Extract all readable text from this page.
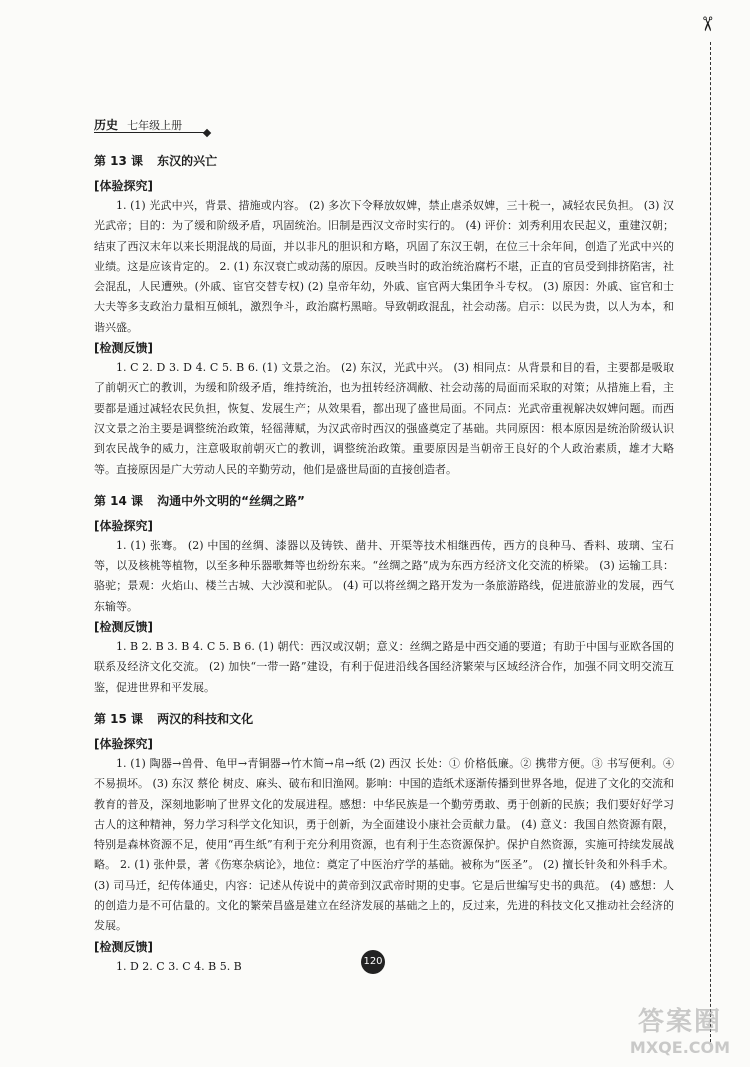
✂
历史 七年级上册
第 13 课 东汉的兴亡
[体验探究]

1. (1) 光武中兴，背景、措施或内容。 (2) 多次下令释放奴婢，禁止虐杀奴婢，三十税一，减轻农民负担。 (3) 汉光武帝；目的：为了缓和阶级矛盾，巩固统治。旧制是西汉文帝时实行的。 (4) 评价：刘秀利用农民起义，重建汉朝；结束了西汉末年以来长期混战的局面，并以非凡的胆识和方略，巩固了东汉王朝，在位三十余年间，创造了光武中兴的业绩。这是应该肯定的。 2. (1) 东汉衰亡或动荡的原因。反映当时的政治统治腐朽不堪，正直的官员受到排挤陷害，社会混乱，人民遭殃。(外戚、宦官交替专权) (2) 皇帝年幼，外戚、宦官两大集团争斗专权。 (3) 原因：外戚、宦官和士大夫等多支政治力量相互倾轧，激烈争斗，政治腐朽黑暗。导致朝政混乱，社会动荡。启示：以民为贵，以人为本，和谐兴盛。

[检测反馈]

1. C 2. D 3. D 4. C 5. B 6. (1) 文景之治。 (2) 东汉，光武中兴。 (3) 相同点：从背景和目的看，主要都是吸取了前朝灭亡的教训，为缓和阶级矛盾，维持统治，也为扭转经济凋敝、社会动荡的局面而采取的对策；从措施上看，主要都是通过减轻农民负担，恢复、发展生产；从效果看，都出现了盛世局面。不同点：光武帝重视解决奴婢问题。而西汉文景之治主要是调整统治政策，轻徭薄赋，为汉武帝时西汉的强盛奠定了基础。共同原因：根本原因是统治阶级认识到农民战争的威力，注意吸取前朝灭亡的教训，调整统治政策。重要原因是当朝帝王良好的个人政治素质，雄才大略等。直接原因是广大劳动人民的辛勤劳动，他们是盛世局面的直接创造者。

第 14 课 沟通中外文明的“丝绸之路”
[体验探究]

1. (1) 张骞。 (2) 中国的丝绸、漆器以及铸铁、凿井、开渠等技术相继西传，西方的良种马、香料、玻璃、宝石等，以及核桃等植物，以至多种乐器歌舞等也纷纷东来。“丝绸之路”成为东西方经济文化交流的桥梁。 (3) 运输工具：骆驼；景观：火焰山、楼兰古城、大沙漠和驼队。 (4) 可以将丝绸之路开发为一条旅游路线，促进旅游业的发展，西气东输等。

[检测反馈]

1. B 2. B 3. B 4. C 5. B 6. (1) 朝代：西汉或汉朝；意义：丝绸之路是中西交通的要道；有助于中国与亚欧各国的联系及经济文化交流。 (2) 加快“一带一路”建设，有利于促进沿线各国经济繁荣与区域经济合作，加强不同文明交流互鉴，促进世界和平发展。

第 15 课 两汉的科技和文化
[体验探究]

1. (1) 陶器→兽骨、龟甲→青铜器→竹木简→帛→纸 (2) 西汉 长处：① 价格低廉。② 携带方便。③ 书写便利。④ 不易损坏。 (3) 东汉 蔡伦 树皮、麻头、破布和旧渔网。影响：中国的造纸术逐渐传播到世界各地，促进了文化的交流和教育的普及，深刻地影响了世界文化的发展进程。感想：中华民族是一个勤劳勇敢、勇于创新的民族；我们要好好学习古人的这种精神，努力学习科学文化知识，勇于创新，为全面建设小康社会贡献力量。 (4) 意义：我国自然资源有限，特别是森林资源不足，使用“再生纸”有利于充分利用资源，也有利于生态资源保护。保护自然资源，实施可持续发展战略。 2. (1) 张仲景，著《伤寒杂病论》，地位：奠定了中医治疗学的基础。被称为“医圣”。 (2) 擅长针灸和外科手术。 (3) 司马迁，纪传体通史，内容：记述从传说中的黄帝到汉武帝时期的史事。它是后世编写史书的典范。 (4) 感想：人的创造力是不可估量的。文化的繁荣昌盛是建立在经济发展的基础之上的，反过来，先进的科技文化又推动社会经济的发展。

[检测反馈]

1. D 2. C 3. C 4. B 5. B	120
答案圈
MXQE.COM
